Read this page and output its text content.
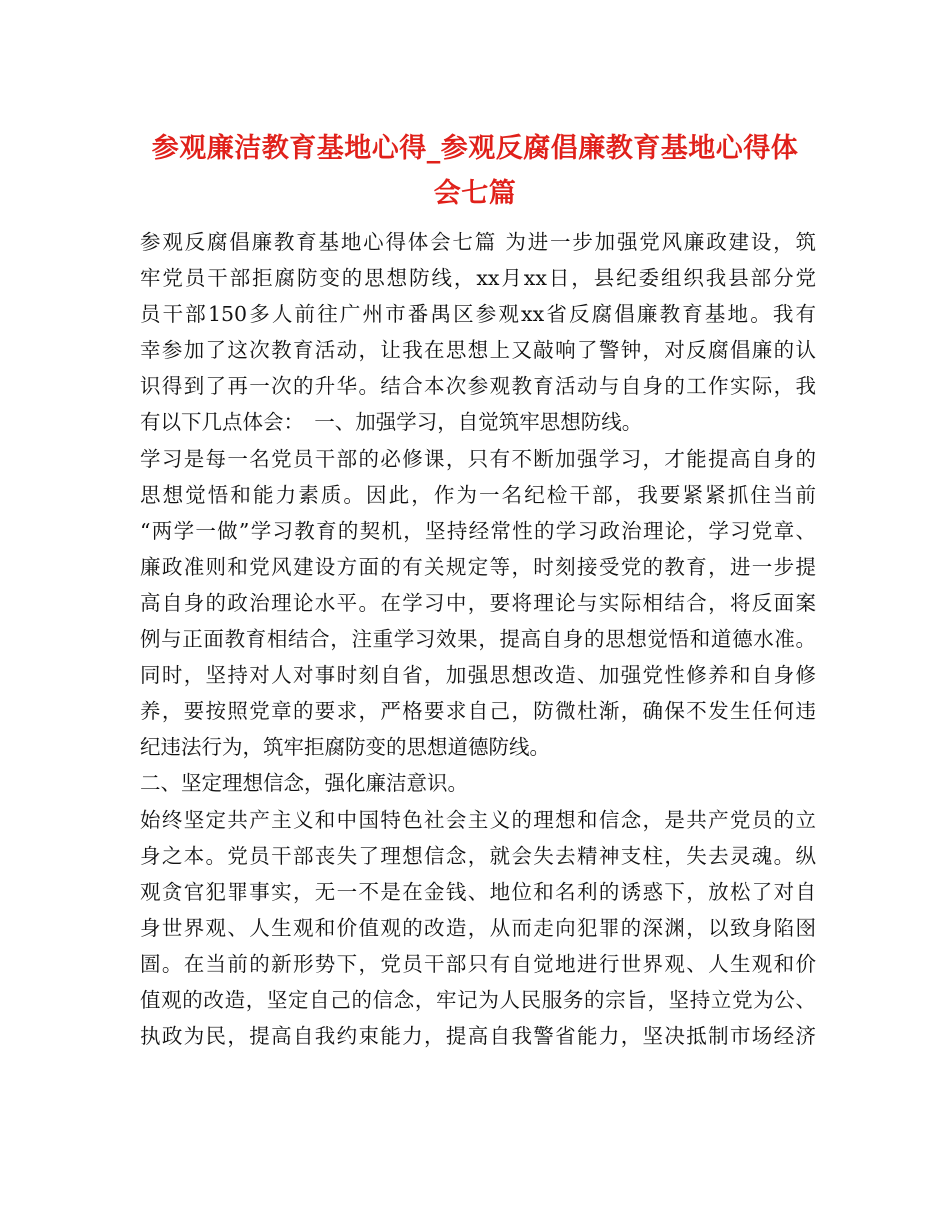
参观廉洁教育基地心得_参观反腐倡廉教育基地心得体
会七篇
参观反腐倡廉教育基地心得体会七篇 为进一步加强党风廉政建设，筑
牢党员干部拒腐防变的思想防线，xx月xx日，县纪委组织我县部分党
员干部150多人前往广州市番禺区参观xx省反腐倡廉教育基地。我有
幸参加了这次教育活动，让我在思想上又敲响了警钟，对反腐倡廉的认
识得到了再一次的升华。结合本次参观教育活动与自身的工作实际，我
有以下几点体会：　一、加强学习，自觉筑牢思想防线。
学习是每一名党员干部的必修课，只有不断加强学习，才能提高自身的
思想觉悟和能力素质。因此，作为一名纪检干部，我要紧紧抓住当前
“两学一做”学习教育的契机，坚持经常性的学习政治理论，学习党章、
廉政准则和党风建设方面的有关规定等，时刻接受党的教育，进一步提
高自身的政治理论水平。在学习中，要将理论与实际相结合，将反面案
例与正面教育相结合，注重学习效果，提高自身的思想觉悟和道德水准。
同时，坚持对人对事时刻自省，加强思想改造、加强党性修养和自身修
养，要按照党章的要求，严格要求自己，防微杜渐，确保不发生任何违
纪违法行为，筑牢拒腐防变的思想道德防线。
二、坚定理想信念，强化廉洁意识。
始终坚定共产主义和中国特色社会主义的理想和信念，是共产党员的立
身之本。党员干部丧失了理想信念，就会失去精神支柱，失去灵魂。纵
观贪官犯罪事实，无一不是在金钱、地位和名利的诱惑下，放松了对自
身世界观、人生观和价值观的改造，从而走向犯罪的深渊，以致身陷囹
圄。在当前的新形势下，党员干部只有自觉地进行世界观、人生观和价
值观的改造，坚定自己的信念，牢记为人民服务的宗旨，坚持立党为公、
执政为民，提高自我约束能力，提高自我警省能力，坚决抵制市场经济
